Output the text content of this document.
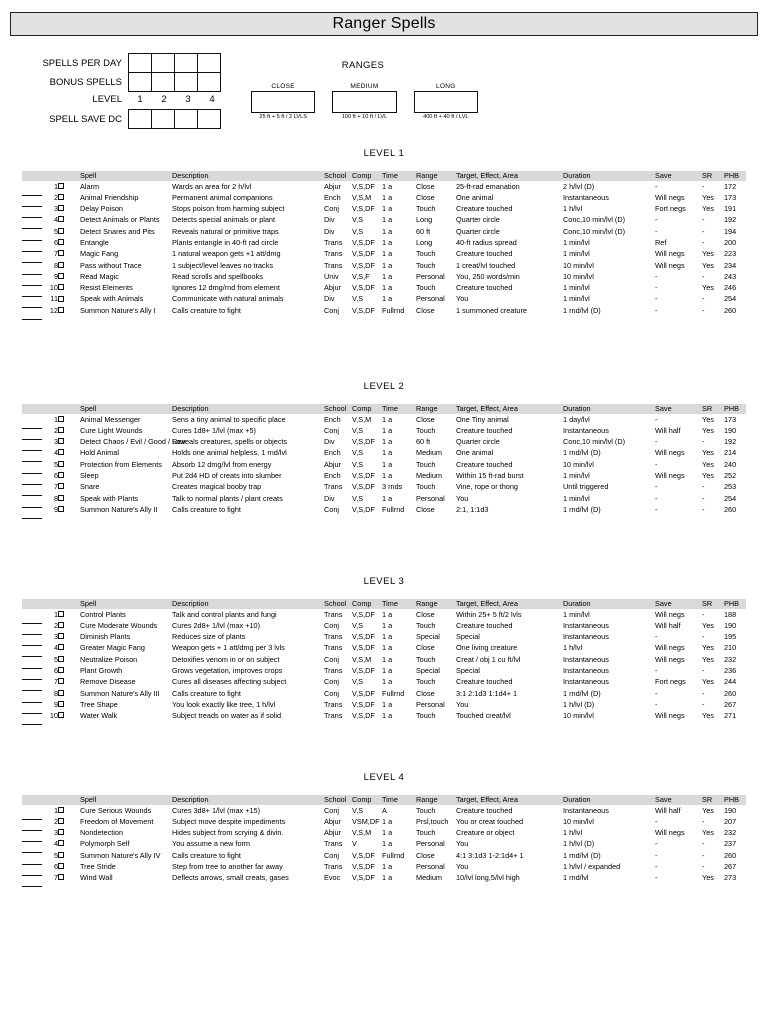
Ranger Spells
SPELLS PER DAY
BONUS SPELLS
LEVEL	1	2	3	4
SPELL SAVE DC
RANGES
CLOSE
25 ft + 5 ft / 2 LVLS
MEDIUM
100 ft + 10 ft / LVL
LONG
400 ft + 40 ft / LVL
LEVEL 1
			Spell	Description	School	Comp	Time	Range	Target, Effect, Area	Duration	Save	SR	PHB
	1		Alarm	Wards an area for 2 h/lvl	Abjur	V,S,DF	1 a	Close	25-ft-rad emanation	2 h/lvl (D)	-	-	172
	2		Animal Friendship	Permanent animal companions	Ench	V,S,M	1 a	Close	One animal	Instantaneous	Will negs	Yes	173
	3		Delay Poison	Stops poison from harming subject	Conj	V,S,DF	1 a	Touch	Creature touched	1 h/lvl	Fort negs	Yes	191
	4		Detect Animals or Plants	Detects special animals or plant	Div	V,S	1 a	Long	Quarter circle	Conc,10 min/lvl (D)	-	-	192
	5		Detect Snares and Pits	Reveals natural or primitive traps	Div	V,S	1 a	60 ft	Quarter circle	Conc,10 min/lvl (D)	-	-	194
	6		Entangle	Plants entangle in 40-ft rad circle	Trans	V,S,DF	1 a	Long	40-ft radius spread	1 min/lvl	Ref	-	200
	7		Magic Fang	1 natural weapon gets +1 att/dmg	Trans	V,S,DF	1 a	Touch	Creature touched	1 min/lvl	Will negs	Yes	223
	8		Pass without Trace	1 subject/level leaves no tracks	Trans	V,S,DF	1 a	Touch	1 creat/lvl touched	10 min/lvl	Will negs	Yes	234
	9		Read Magic	Read scrolls and spellbooks	Univ	V,S,F	1 a	Personal	You, 250 words/min	10 min/lvl	-	-	243
	10		Resist Elements	Ignores 12 dmg/rnd from element	Abjur	V,S,DF	1 a	Touch	Creature touched	1 min/lvl	-	Yes	246
	11		Speak with Animals	Communicate with natural animals	Div	V,S	1 a	Personal	You	1 min/lvl	-	-	254
	12		Summon Nature's Ally I	Calls creature to fight	Conj	V,S,DF	Fullrnd	Close	1 summoned creature	1 rnd/lvl (D)	-	-	260
LEVEL 2
			Spell	Description	School	Comp	Time	Range	Target, Effect, Area	Duration	Save	SR	PHB
	1		Animal Messenger	Sens a tiny animal to specific place	Ench	V,S,M	1 a	Close	One Tiny animal	1 day/lvl	-	Yes	173
	2		Cure Light Wounds	Cures 1d8+ 1/lvl (max +5)	Conj	V,S	1 a	Touch	Creature touched	Instantaneous	Will half	Yes	190
	3		Detect Chaos / Evil / Good / Law	Reveals creatures, spells or objects	Div	V,S,DF	1 a	60 ft	Quarter circle	Conc,10 min/lvl (D)	-	-	192
	4		Hold Animal	Holds one animal helpless, 1 rnd/lvl	Ench	V,S	1 a	Medium	One animal	1 rnd/lvl (D)	Will negs	Yes	214
	5		Protection from Elements	Absorb 12 dmg/lvl from energy	Abjur	V,S	1 a	Touch	Creature touched	10 min/lvl	-	Yes	240
	6		Sleep	Put 2d4 HD of creats into slumber	Ench	V,S,DF	1 a	Medium	Within 15 ft-rad burst	1 min/lvl	Will negs	Yes	252
	7		Snare	Creates magical booby trap	Trans	V,S,DF	3 rnds	Touch	Vine, rope or thong	Until triggered	-	-	253
	8		Speak with Plants	Talk to normal plants / plant creats	Div	V,S	1 a	Personal	You	1 min/lvl	-	-	254
	9		Summon Nature's Ally II	Calls creature to fight	Conj	V,S,DF	Fullrnd	Close	2:1, 1:1d3	1 rnd/lvl (D)	-	-	260
LEVEL 3
			Spell	Description	School	Comp	Time	Range	Target, Effect, Area	Duration	Save	SR	PHB
	1		Control Plants	Talk and control plants and fungi	Trans	V,S,DF	1 a	Close	Within 25+ 5 ft/2 lvls	1 min/lvl	Will negs	-	188
	2		Cure Moderate Wounds	Cures 2d8+ 1/lvl (max +10)	Conj	V,S	1 a	Touch	Creature touched	Instantaneous	Will half	Yes	190
	3		Diminish Plants	Reduces size of plants	Trans	V,S,DF	1 a	Special	Special	Instantaneous	-	-	195
	4		Greater Magic Fang	Weapon gets + 1 att/dmg per 3 lvls	Trans	V,S,DF	1 a	Close	One living creature	1 h/lvl	Will negs	Yes	210
	5		Neutralize Poison	Detoxifies venom in or on subject	Conj	V,S,M	1 a	Touch	Creat / obj 1 cu ft/lvl	Instantaneous	Will negs	Yes	232
	6		Plant Growth	Grows vegetation, improves crops	Trans	V,S,DF	1 a	Special	Special	Instantaneous	-	-	236
	7		Remove Disease	Cures all diseases affecting subject	Conj	V,S	1 a	Touch	Creature touched	Instantaneous	Fort negs	Yes	244
	8		Summon Nature's Ally III	Calls creature to fight	Conj	V,S,DF	Fullrnd	Close	3:1 2:1d3 1:1d4+ 1	1 rnd/lvl (D)	-	-	260
	9		Tree Shape	You look exactly like tree, 1 h/lvl	Trans	V,S,DF	1 a	Personal	You	1 h/lvl (D)	-	-	267
	10		Water Walk	Subject treads on water as if solid	Trans	V,S,DF	1 a	Touch	Touched creat/lvl	10 min/lvl	Will negs	Yes	271
LEVEL 4
			Spell	Description	School	Comp	Time	Range	Target, Effect, Area	Duration	Save	SR	PHB
	1		Cure Serious Wounds	Cures 3d8+ 1/lvl (max +15)	Conj	V,S	A	Touch	Creature touched	Instantaneous	Will half	Yes	190
	2		Freedom of Movement	Subject move despite impediments	Abjur	VSM,DF	1 a	Prsl,touch	You or creat touched	10 min/lvl	-	-	207
	3		Nondetection	Hides subject from scrying & divin.	Abjur	V,S,M	1 a	Touch	Creature or object	1 h/lvl	Will negs	Yes	232
	4		Polymorph Self	You assume a new form	Trans	V	1 a	Personal	You	1 h/lvl (D)	-	-	237
	5		Summon Nature's Ally IV	Calls creature to fight	Conj	V,S,DF	Fullrnd	Close	4:1 3:1d3 1-2:1d4+ 1	1 rnd/lvl (D)	-	-	260
	6		Tree Stride	Step from tree to another far away	Trans	V,S,DF	1 a	Personal	You	1 h/lvl / expanded	-	-	267
	7		Wind Wall	Deflects arrows, small creats, gases	Evoc	V,S,DF	1 a	Medium	10/lvl long,5/lvl high	1 rnd/lvl	-	Yes	273
